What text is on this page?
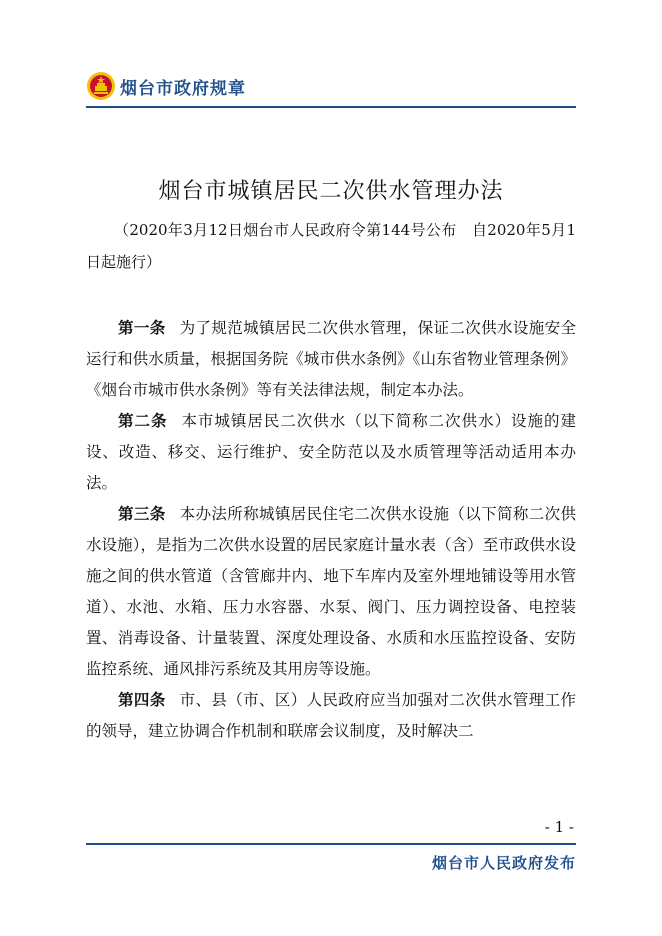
烟台市政府规章
烟台市城镇居民二次供水管理办法
（2020年3月12日烟台市人民政府令第144号公布　自2020年5月1日起施行）

第一条 为了规范城镇居民二次供水管理，保证二次供水设施安全运行和供水质量，根据国务院《城市供水条例》《山东省物业管理条例》《烟台市城市供水条例》等有关法律法规，制定本办法。

第二条 本市城镇居民二次供水（以下简称二次供水）设施的建设、改造、移交、运行维护、安全防范以及水质管理等活动适用本办法。

第三条 本办法所称城镇居民住宅二次供水设施（以下简称二次供水设施），是指为二次供水设置的居民家庭计量水表（含）至市政供水设施之间的供水管道（含管廊井内、地下车库内及室外埋地铺设等用水管道）、水池、水箱、压力水容器、水泵、阀门、压力调控设备、电控装置、消毒设备、计量装置、深度处理设备、水质和水压监控设备、安防监控系统、通风排污系统及其用房等设施。

第四条 市、县（市、区）人民政府应当加强对二次供水管理工作的领导，建立协调合作机制和联席会议制度，及时解决二

- 1 -
烟台市人民政府发布
